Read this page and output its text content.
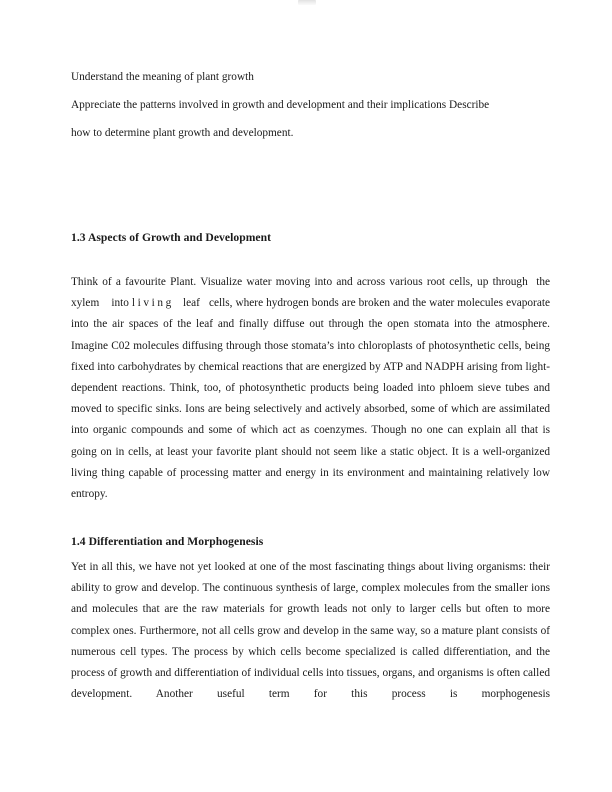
Understand the meaning of plant growth
Appreciate the patterns involved in growth and development and their implications Describe
how to determine plant growth and development.
1.3 Aspects of Growth and Development
Think of a favourite Plant. Visualize water moving into and across various root cells, up through  the xylem    into living   leaf   cells, where hydrogen bonds are broken and the water molecules evaporate into the air spaces of the leaf and finally diffuse out through the open stomata into the atmosphere. Imagine C02 molecules diffusing through those stomata’s into chloroplasts of photosynthetic cells, being fixed into carbohydrates by chemical reactions that are energized by ATP and NADPH arising from light-dependent reactions. Think, too, of photosynthetic products being loaded into phloem sieve tubes and moved to specific sinks. Ions are being selectively and actively absorbed, some of which are assimilated into organic compounds and some of which act as coenzymes. Though no one can explain all that is going on in cells, at least your favorite plant should not seem like a static object. It is a well-organized living thing capable of processing matter and energy in its environment and maintaining relatively low entropy.
1.4 Differentiation and Morphogenesis
Yet in all this, we have not yet looked at one of the most fascinating things about living organisms: their ability to grow and develop. The continuous synthesis of large, complex molecules from the smaller ions and molecules that are the raw materials for growth leads not only to larger cells but often to more complex ones. Furthermore, not all cells grow and develop in the same way, so a mature plant consists of numerous cell types. The process by which cells become specialized is called differentiation, and the process of growth and differentiation of individual cells into tissues, organs, and organisms is often called development. Another useful term for this process is morphogenesis
